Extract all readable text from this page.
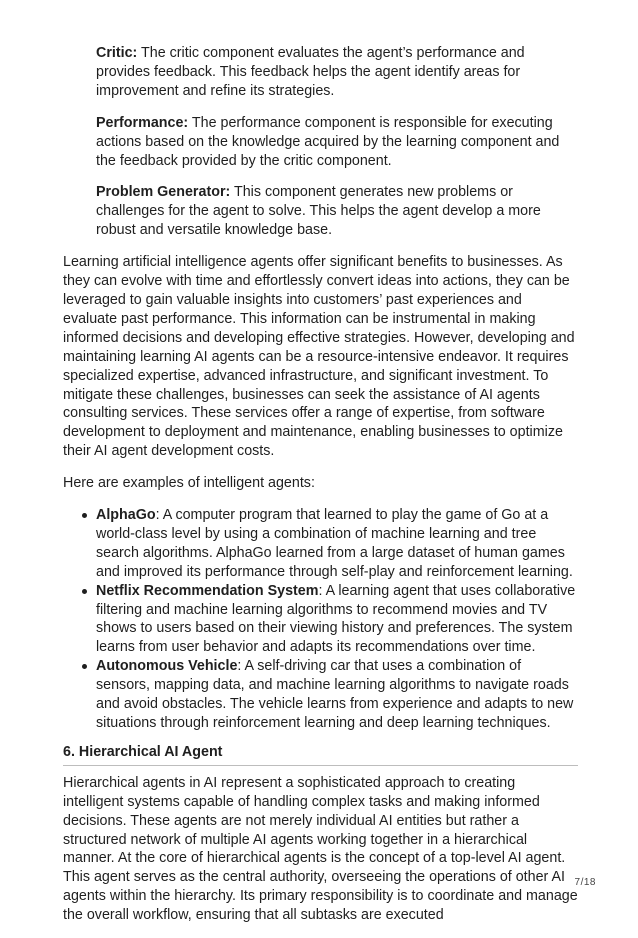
Critic: The critic component evaluates the agent’s performance and provides feedback. This feedback helps the agent identify areas for improvement and refine its strategies.

Performance: The performance component is responsible for executing actions based on the knowledge acquired by the learning component and the feedback provided by the critic component.

Problem Generator: This component generates new problems or challenges for the agent to solve. This helps the agent develop a more robust and versatile knowledge base.

Learning artificial intelligence agents offer significant benefits to businesses. As they can evolve with time and effortlessly convert ideas into actions, they can be leveraged to gain valuable insights into customers’ past experiences and evaluate past performance. This information can be instrumental in making informed decisions and developing effective strategies. However, developing and maintaining learning AI agents can be a resource-intensive endeavor. It requires specialized expertise, advanced infrastructure, and significant investment. To mitigate these challenges, businesses can seek the assistance of AI agents consulting services. These services offer a range of expertise, from software development to deployment and maintenance, enabling businesses to optimize their AI agent development costs.

Here are examples of intelligent agents:

AlphaGo: A computer program that learned to play the game of Go at a world-class level by using a combination of machine learning and tree search algorithms. AlphaGo learned from a large dataset of human games and improved its performance through self-play and reinforcement learning.
Netflix Recommendation System: A learning agent that uses collaborative filtering and machine learning algorithms to recommend movies and TV shows to users based on their viewing history and preferences. The system learns from user behavior and adapts its recommendations over time.
Autonomous Vehicle: A self-driving car that uses a combination of sensors, mapping data, and machine learning algorithms to navigate roads and avoid obstacles. The vehicle learns from experience and adapts to new situations through reinforcement learning and deep learning techniques.
6. Hierarchical AI Agent

Hierarchical agents in AI represent a sophisticated approach to creating intelligent systems capable of handling complex tasks and making informed decisions. These agents are not merely individual AI entities but rather a structured network of multiple AI agents working together in a hierarchical manner. At the core of hierarchical agents is the concept of a top-level AI agent. This agent serves as the central authority, overseeing the operations of other AI agents within the hierarchy. Its primary responsibility is to coordinate and manage the overall workflow, ensuring that all subtasks are executed

7/18
